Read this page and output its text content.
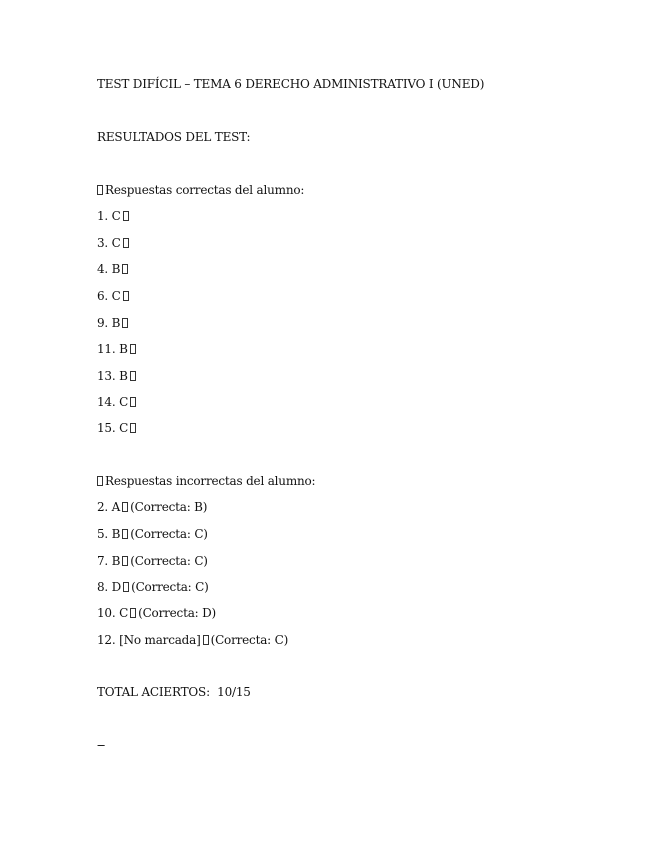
TEST DIFÍCIL – TEMA 6 DERECHO ADMINISTRATIVO I (UNED)
RESULTADOS DEL TEST:
Respuestas correctas del alumno:
1. C
3. C
4. B
6. C
9. B
11. B
13. B
14. C
15. C
Respuestas incorrectas del alumno:
2. A (Correcta: B)
5. B (Correcta: C)
7. B (Correcta: C)
8. D (Correcta: C)
10. C (Correcta: D)
12. [No marcada] (Correcta: C)
TOTAL ACIERTOS:  10/15
---
